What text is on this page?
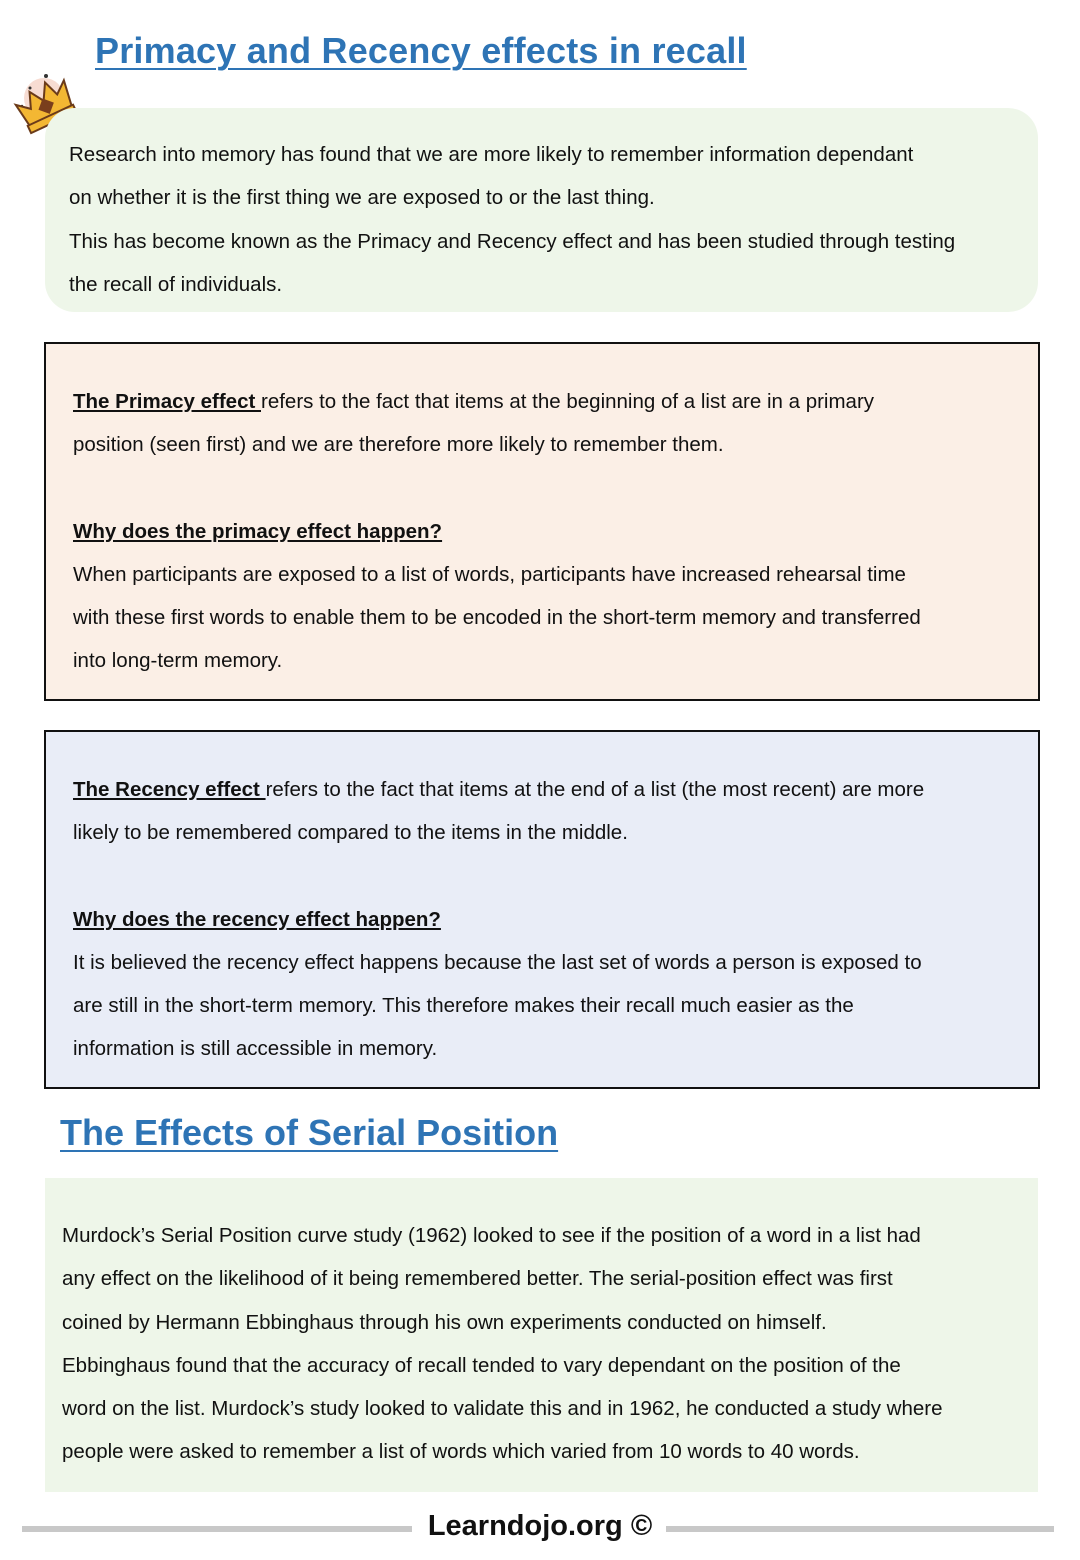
Primacy and Recency effects in recall
Research into memory has found that we are more likely to remember information dependant
on whether it is the first thing we are exposed to or the last thing.
This has become known as the Primacy and Recency effect and has been studied through testing
the recall of individuals.
The Primacy effect refers to the fact that items at the beginning of a list are in a primary
position (seen first) and we are therefore more likely to remember them.
Why does the primacy effect happen?
When participants are exposed to a list of words, participants have increased rehearsal time
with these first words to enable them to be encoded in the short-term memory and transferred
into long-term memory.
The Recency effect refers to the fact that items at the end of a list (the most recent) are more
likely to be remembered compared to the items in the middle.
Why does the recency effect happen?
It is believed the recency effect happens because the last set of words a person is exposed to
are still in the short-term memory. This therefore makes their recall much easier as the
information is still accessible in memory.
The Effects of Serial Position
Murdock’s Serial Position curve study (1962) looked to see if the position of a word in a list had
any effect on the likelihood of it being remembered better. The serial-position effect was first
coined by Hermann Ebbinghaus through his own experiments conducted on himself.
Ebbinghaus found that the accuracy of recall tended to vary dependant on the position of the
word on the list. Murdock’s study looked to validate this and in 1962, he conducted a study where
people were asked to remember a list of words which varied from 10 words to 40 words.
Learndojo.org ©
